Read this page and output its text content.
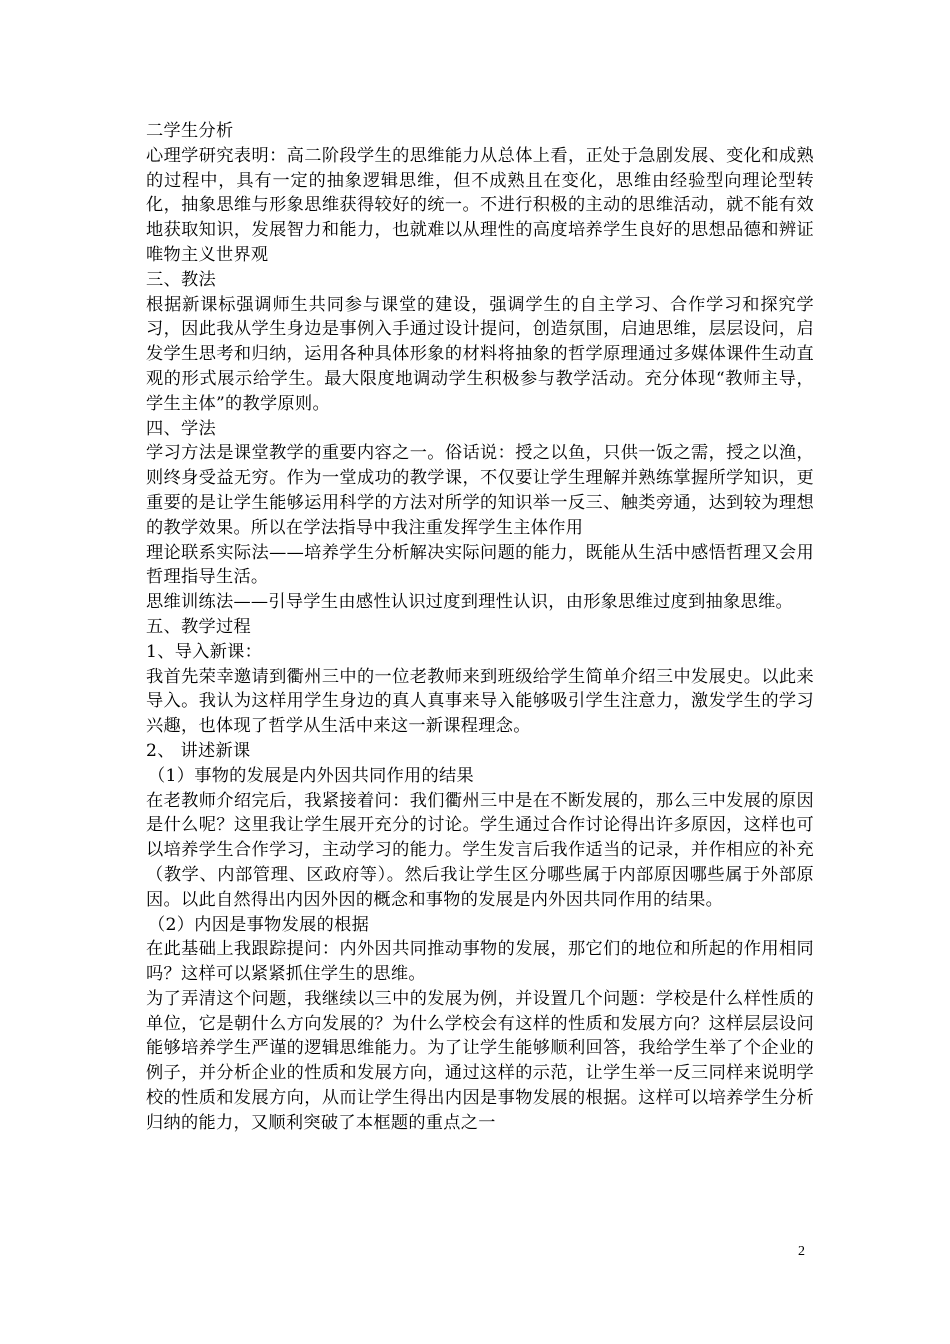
二学生分析

心理学研究表明：高二阶段学生的思维能力从总体上看，正处于急剧发展、变化和成熟的过程中，具有一定的抽象逻辑思维，但不成熟且在变化，思维由经验型向理论型转化，抽象思维与形象思维获得较好的统一。不进行积极的主动的思维活动，就不能有效地获取知识，发展智力和能力，也就难以从理性的高度培养学生良好的思想品德和辨证唯物主义世界观

三、教法

根据新课标强调师生共同参与课堂的建设，强调学生的自主学习、合作学习和探究学习，因此我从学生身边是事例入手通过设计提问，创造氛围，启迪思维，层层设问，启发学生思考和归纳，运用各种具体形象的材料将抽象的哲学原理通过多媒体课件生动直观的形式展示给学生。最大限度地调动学生积极参与教学活动。充分体现“教师主导，学生主体”的教学原则。

四、学法

学习方法是课堂教学的重要内容之一。俗话说：授之以鱼，只供一饭之需，授之以渔，则终身受益无穷。作为一堂成功的教学课，不仅要让学生理解并熟练掌握所学知识，更重要的是让学生能够运用科学的方法对所学的知识举一反三、触类旁通，达到较为理想的教学效果。所以在学法指导中我注重发挥学生主体作用

理论联系实际法——培养学生分析解决实际问题的能力，既能从生活中感悟哲理又会用哲理指导生活。

思维训练法——引导学生由感性认识过度到理性认识，由形象思维过度到抽象思维。

五、教学过程

1、导入新课：

我首先荣幸邀请到衢州三中的一位老教师来到班级给学生简单介绍三中发展史。以此来导入。我认为这样用学生身边的真人真事来导入能够吸引学生注意力，激发学生的学习兴趣，也体现了哲学从生活中来这一新课程理念。

2、 讲述新课

（1）事物的发展是内外因共同作用的结果

在老教师介绍完后，我紧接着问：我们衢州三中是在不断发展的，那么三中发展的原因是什么呢？这里我让学生展开充分的讨论。学生通过合作讨论得出许多原因，这样也可以培养学生合作学习，主动学习的能力。学生发言后我作适当的记录，并作相应的补充（教学、内部管理、区政府等）。然后我让学生区分哪些属于内部原因哪些属于外部原因。以此自然得出内因外因的概念和事物的发展是内外因共同作用的结果。

（2）内因是事物发展的根据

在此基础上我跟踪提问：内外因共同推动事物的发展，那它们的地位和所起的作用相同吗？这样可以紧紧抓住学生的思维。

为了弄清这个问题，我继续以三中的发展为例，并设置几个问题：学校是什么样性质的单位，它是朝什么方向发展的？为什么学校会有这样的性质和发展方向？这样层层设问能够培养学生严谨的逻辑思维能力。为了让学生能够顺利回答，我给学生举了个企业的例子，并分析企业的性质和发展方向，通过这样的示范，让学生举一反三同样来说明学校的性质和发展方向，从而让学生得出内因是事物发展的根据。这样可以培养学生分析归纳的能力，又顺利突破了本框题的重点之一

2
